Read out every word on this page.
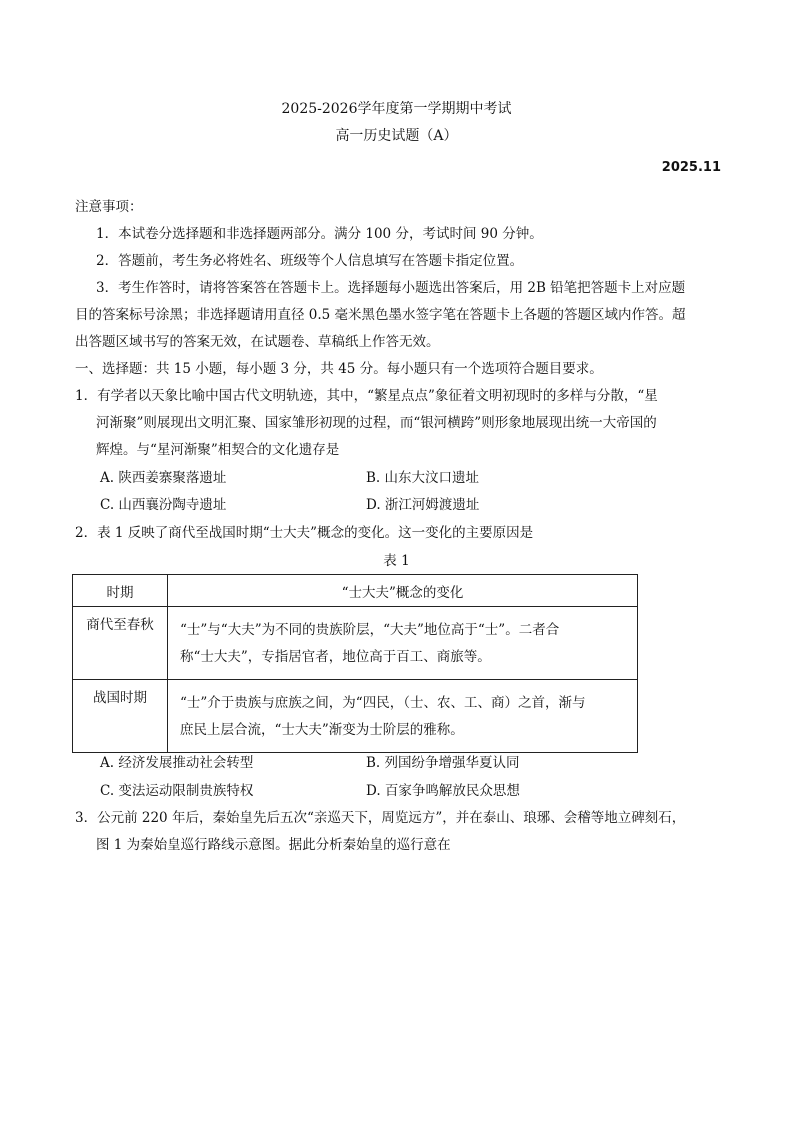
2025-2026学年度第一学期期中考试
高一历史试题（A）
2025.11
注意事项：
1．本试卷分选择题和非选择题两部分。满分 100 分，考试时间 90 分钟。
2．答题前，考生务必将姓名、班级等个人信息填写在答题卡指定位置。
3．考生作答时，请将答案答在答题卡上。选择题每小题选出答案后，用 2B 铅笔把答题卡上对应题
目的答案标号涂黑；非选择题请用直径 0.5 毫米黑色墨水签字笔在答题卡上各题的答题区域内作答。超
出答题区域书写的答案无效，在试题卷、草稿纸上作答无效。
一、选择题：共 15 小题，每小题 3 分，共 45 分。每小题只有一个选项符合题目要求。
1．有学者以天象比喻中国古代文明轨迹，其中，“繁星点点”象征着文明初现时的多样与分散，“星
河渐聚”则展现出文明汇聚、国家雏形初现的过程，而“银河横跨”则形象地展现出统一大帝国的
辉煌。与“星河渐聚”相契合的文化遗存是
A. 陕西姜寨聚落遗址	B. 山东大汶口遗址
C. 山西襄汾陶寺遗址	D. 浙江河姆渡遗址
2．表 1 反映了商代至战国时期“士大夫”概念的变化。这一变化的主要原因是
表 1
时期	“士大夫”概念的变化
商代至春秋	“士”与“大夫”为不同的贵族阶层，“大夫”地位高于“士”。二者合
称“士大夫”，专指居官者，地位高于百工、商旅等。

战国时期	“士”介于贵族与庶族之间，为“四民，（士、农、工、商）之首，渐与
庶民上层合流，“士大夫”渐变为士阶层的雅称。
A. 经济发展推动社会转型	B. 列国纷争增强华夏认同
C. 变法运动限制贵族特权	D. 百家争鸣解放民众思想
3．公元前 220 年后，秦始皇先后五次“亲巡天下，周览远方”，并在泰山、琅琊、会稽等地立碑刻石，
图 1 为秦始皇巡行路线示意图。据此分析秦始皇的巡行意在
